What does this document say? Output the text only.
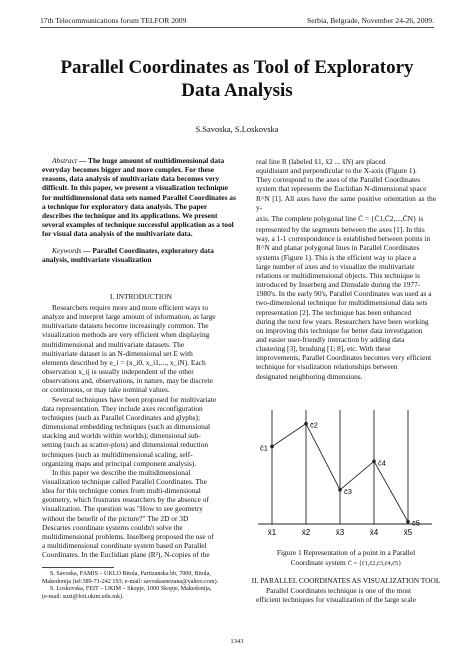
17th Telecommunications forum TELFOR 2009	Serbia, Belgrade, November 24-26, 2009.
Parallel Coordinates as Tool of Exploratory
Data Analysis
S.Savoska, S.Loskovska

Abstract — The huge amount of multidimensional data

everyday becomes bigger and more complex. For these

reasons, data analysis of multivariate data becomes very

difficult. In this paper, we present a visualization technique

for multidimensional data sets named Parallel Coordinates as

a technique for exploratory data analysis. The paper

describes the technique and its applications. We present

several examples of technique successful application as a tool

for visual data analysis of the multivariate data.

Keywords — Parallel Coordinates, exploratory data

analysis, multivariate visualization

I. INTRODUCTION

Researchers require more and more efficient ways to

analyze and interpret large amount of information, as large

multivariate datasets become increasingly common. The

visualization methods are very efficient when displaying

multidimensional and multivariate datasets. The

multivariate dataset is an N-dimensional set E with

elements described by e_i = (x_i0, x_i1,..., x_iN). Each

observation x_ij is usually independent of the other

observations and, observations, in nature, may be discrete

or continuous, or may take nominal values.

Several techniques have been proposed for multivariate

data representation. They include axes reconfiguration

techniques (such as Parallel Coordinates and glyphs);

dimensional embedding techniques (such as dimensional

stacking and worlds within worlds); dimensional sub-

setting (such as scatter-plots) and dimensional reduction

techniques (such as multidimensional scaling, self-

organizing maps and principal component analysis).

In this paper we describe the multidimensional

visualization technique called Parallel Coordinates. The

idea for this technique comes from multi-dimensional

geometry, which frustrates researchers by the absence of

visualization. The question was "How to see geometry

without the benefit of the picture?" The 2D or 3D

Descartes coordinate systems couldn't solve the

multidimensional problems. Inselberg proposed the use of

a multidimensional coordinate system based on Parallel

Coordinates. In the Euclidian plane (R²), N-copies of the

S. Savoska, FAMIS – UKLO Bitola, Partizanska bb, 7000, Bitola,
Makedonija (tel:389-71-242 193; e-mail: savoskasnezana@yahoo.com).
S. Loskovska, FEIT – UKIM – Skopje, 1000 Skopje, Makedonija,
(e-mail: suzi@feit.ukim.edu.mk).

real line R (labeled x̄1, x̄2 ... x̄N) are placed

equidistant and perpendicular to the X-axis (Figure 1).

They correspond to the axes of the Parallel Coordinates

system that represents the Euclidian N-dimensional space

R^N [1]. All axes have the same positive orientation as the y-

axis. The complete polygonal line C̄ = {C̄1,C̄2,...,C̄N} is

represented by the segments between the axes [1]. In this

way, a 1-1 correspondence is established between points in

R^N and planar polygonal lines in Parallel Coordinates

systems (Figure 1). This is the efficient way to place a

large number of axes and to visualize the multivariate

relations or multidimensional objects. This technique is

introduced by Inserberg and Dimsdale during the 1977-

1980's. In the early 90's, Parallel Coordinates was used as a

two-dimensional technique for multidimensional data sets

representation [2]. The technique has been enhanced

during the next few years. Researchers have been working

on improving this technique for better data investigation

and easier user-friendly interaction by adding data

clustering [3], brushing [1; 8], etc. With these

improvements, Parallel Coordinates becomes very efficient

technique for visulization relationships between

designated neighboring dimensions.

x̄1	x̄2	x̄3	x̄4	x̄5
c̄1
c̄2
c̄3
c̄4
c̄5
Figure 1 Representation of a point in a Parallel
Coordinate system C̄ = {c̄1,c̄2,c̄3,c̄4,c̄5}
II. PARALLEL COORDINATES AS VISUALIZATION TOOL

Parallel Coordinates technique is one of the most

efficient techniques for visualization of the large scale

1343
